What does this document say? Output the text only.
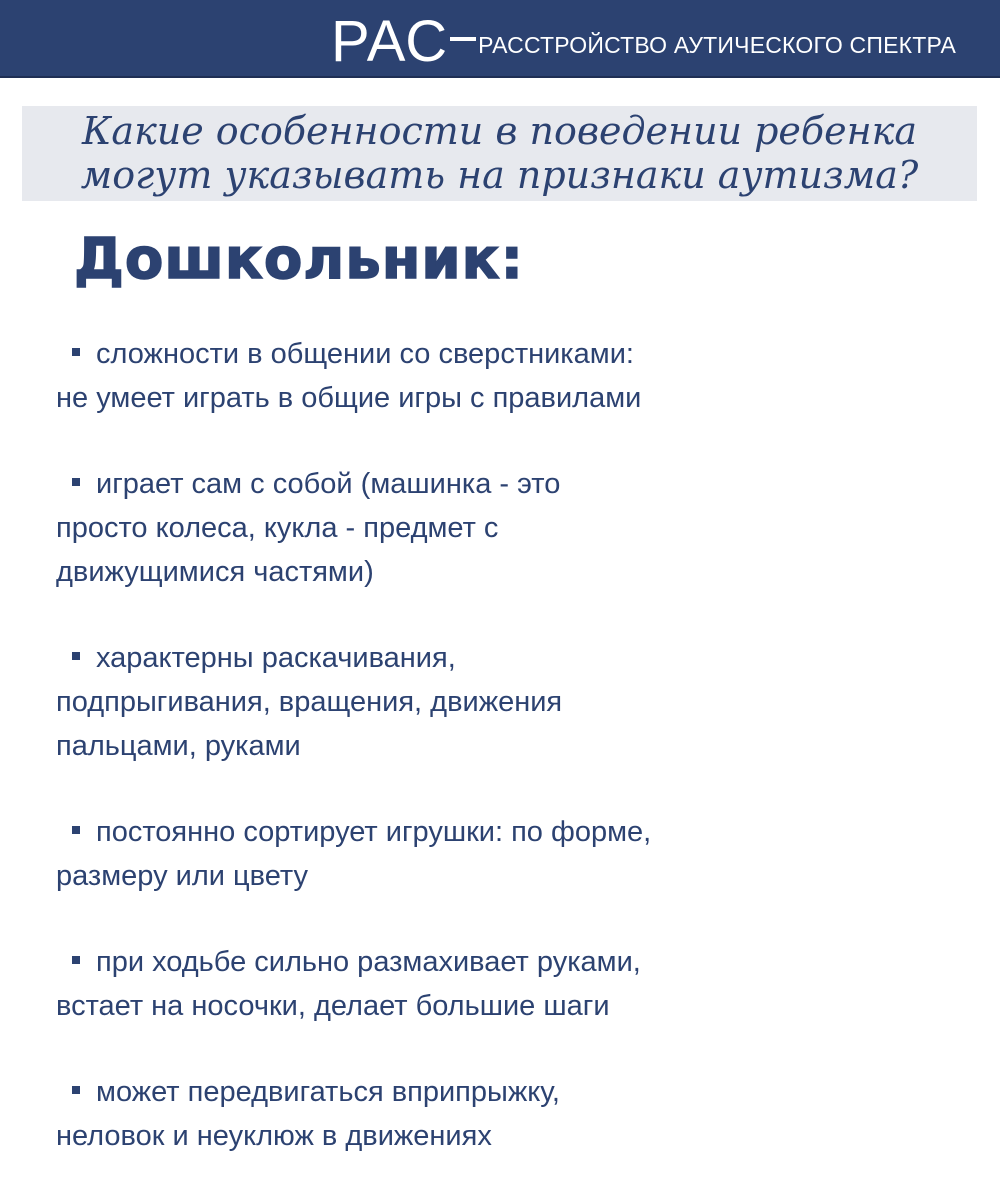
РАС РАССТРОЙСТВО АУТИЧЕСКОГО СПЕКТРА
Какие особенности в поведении ребенка
могут указывать на признаки аутизма?
Дошкольник:
сложности в общении со сверстниками:
не умеет играть в общие игры с правилами
играет сам с собой (машинка - это
просто колеса, кукла - предмет с
движущимися частями)
характерны раскачивания,
подпрыгивания, вращения, движения
пальцами, руками
постоянно сортирует игрушки: по форме,
размеру или цвету
при ходьбе сильно размахивает руками,
встает на носочки, делает большие шаги
может передвигаться вприпрыжку,
неловок и неуклюж в движениях
